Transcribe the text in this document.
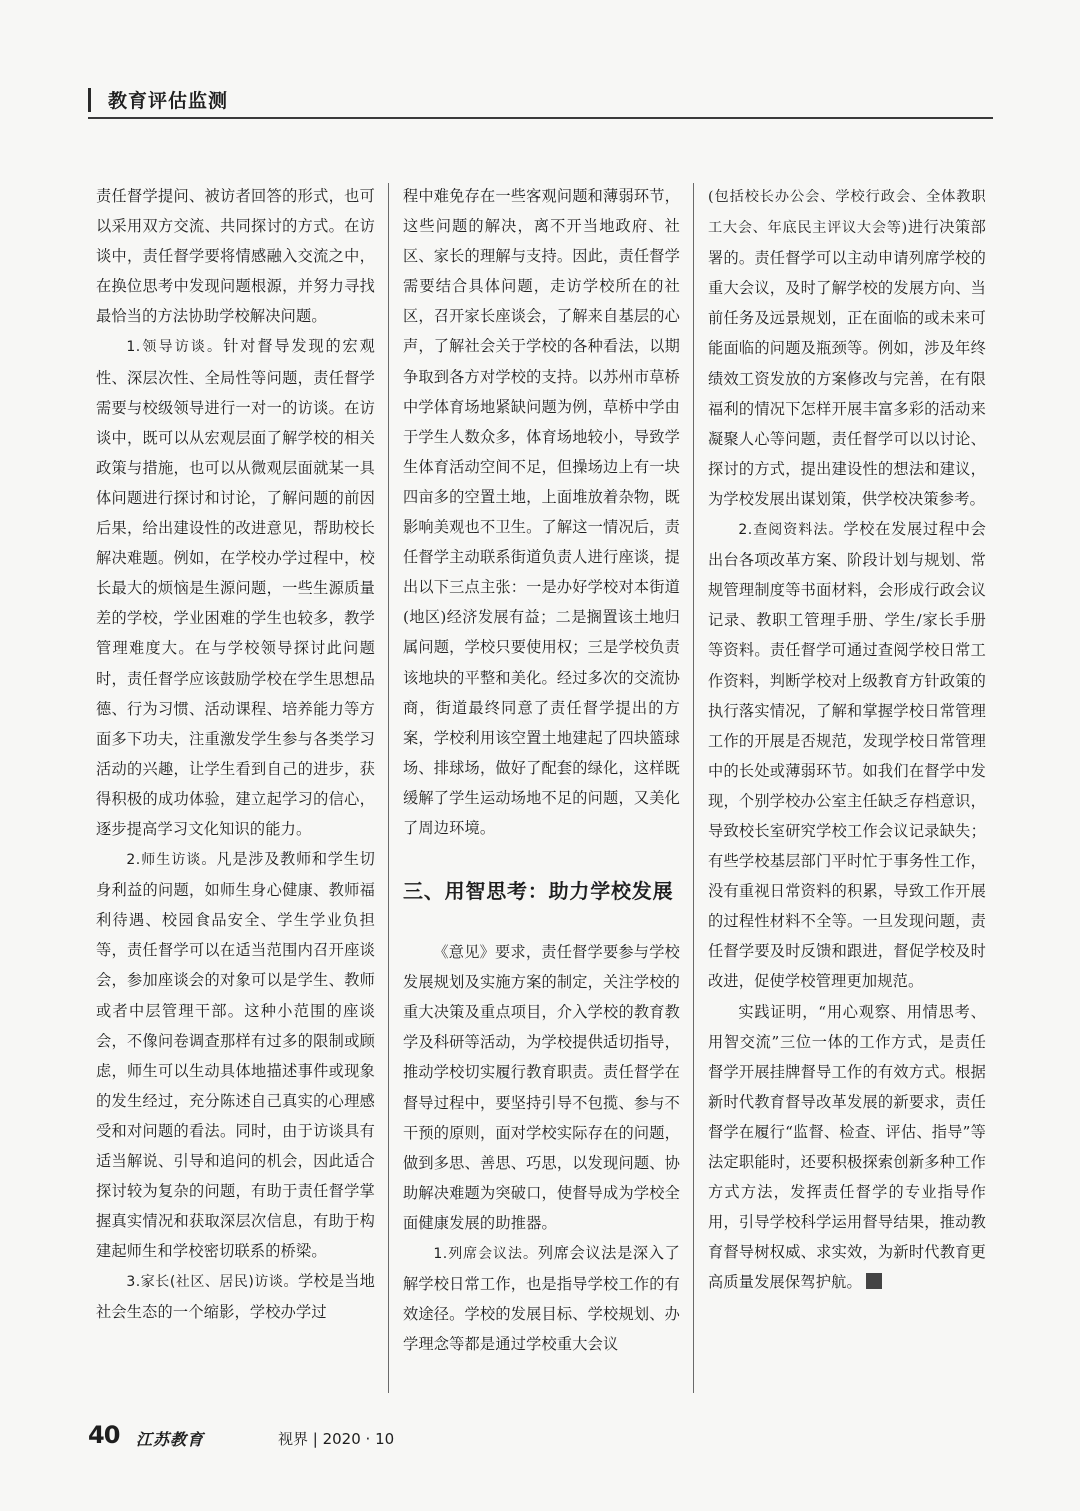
教育评估监测

责任督学提问、被访者回答的形式，也可以采用双方交流、共同探讨的方式。在访谈中，责任督学要将情感融入交流之中，在换位思考中发现问题根源，并努力寻找最恰当的方法协助学校解决问题。

1.领导访谈。针对督导发现的宏观性、深层次性、全局性等问题，责任督学需要与校级领导进行一对一的访谈。在访谈中，既可以从宏观层面了解学校的相关政策与措施，也可以从微观层面就某一具体问题进行探讨和讨论，了解问题的前因后果，给出建设性的改进意见，帮助校长解决难题。例如，在学校办学过程中，校长最大的烦恼是生源问题，一些生源质量差的学校，学业困难的学生也较多，教学管理难度大。在与学校领导探讨此问题时，责任督学应该鼓励学校在学生思想品德、行为习惯、活动课程、培养能力等方面多下功夫，注重激发学生参与各类学习活动的兴趣，让学生看到自己的进步，获得积极的成功体验，建立起学习的信心，逐步提高学习文化知识的能力。

2.师生访谈。凡是涉及教师和学生切身利益的问题，如师生身心健康、教师福利待遇、校园食品安全、学生学业负担等，责任督学可以在适当范围内召开座谈会，参加座谈会的对象可以是学生、教师或者中层管理干部。这种小范围的座谈会，不像问卷调查那样有过多的限制或顾虑，师生可以生动具体地描述事件或现象的发生经过，充分陈述自己真实的心理感受和对问题的看法。同时，由于访谈具有适当解说、引导和追问的机会，因此适合探讨较为复杂的问题，有助于责任督学掌握真实情况和获取深层次信息，有助于构建起师生和学校密切联系的桥梁。

3.家长(社区、居民)访谈。学校是当地社会生态的一个缩影，学校办学过

程中难免存在一些客观问题和薄弱环节，这些问题的解决，离不开当地政府、社区、家长的理解与支持。因此，责任督学需要结合具体问题，走访学校所在的社区，召开家长座谈会，了解来自基层的心声，了解社会关于学校的各种看法，以期争取到各方对学校的支持。以苏州市草桥中学体育场地紧缺问题为例，草桥中学由于学生人数众多，体育场地较小，导致学生体育活动空间不足，但操场边上有一块四亩多的空置土地，上面堆放着杂物，既影响美观也不卫生。了解这一情况后，责任督学主动联系街道负责人进行座谈，提出以下三点主张：一是办好学校对本街道(地区)经济发展有益；二是搁置该土地归属问题，学校只要使用权；三是学校负责该地块的平整和美化。经过多次的交流协商，街道最终同意了责任督学提出的方案，学校利用该空置土地建起了四块篮球场、排球场，做好了配套的绿化，这样既缓解了学生运动场地不足的问题，又美化了周边环境。

三、用智思考：助力学校发展

《意见》要求，责任督学要参与学校发展规划及实施方案的制定，关注学校的重大决策及重点项目，介入学校的教育教学及科研等活动，为学校提供适切指导，推动学校切实履行教育职责。责任督学在督导过程中，要坚持引导不包揽、参与不干预的原则，面对学校实际存在的问题，做到多思、善思、巧思，以发现问题、协助解决难题为突破口，使督导成为学校全面健康发展的助推器。

1.列席会议法。列席会议法是深入了解学校日常工作，也是指导学校工作的有效途径。学校的发展目标、学校规划、办学理念等都是通过学校重大会议

(包括校长办公会、学校行政会、全体教职工大会、年底民主评议大会等)进行决策部署的。责任督学可以主动申请列席学校的重大会议，及时了解学校的发展方向、当前任务及远景规划，正在面临的或未来可能面临的问题及瓶颈等。例如，涉及年终绩效工资发放的方案修改与完善，在有限福利的情况下怎样开展丰富多彩的活动来凝聚人心等问题，责任督学可以以讨论、探讨的方式，提出建设性的想法和建议，为学校发展出谋划策，供学校决策参考。

2.查阅资料法。学校在发展过程中会出台各项改革方案、阶段计划与规划、常规管理制度等书面材料，会形成行政会议记录、教职工管理手册、学生/家长手册等资料。责任督学可通过查阅学校日常工作资料，判断学校对上级教育方针政策的执行落实情况，了解和掌握学校日常管理工作的开展是否规范，发现学校日常管理中的长处或薄弱环节。如我们在督学中发现，个别学校办公室主任缺乏存档意识，导致校长室研究学校工作会议记录缺失；有些学校基层部门平时忙于事务性工作，没有重视日常资料的积累，导致工作开展的过程性材料不全等。一旦发现问题，责任督学要及时反馈和跟进，督促学校及时改进，促使学校管理更加规范。

实践证明，“用心观察、用情思考、用智交流”三位一体的工作方式，是责任督学开展挂牌督导工作的有效方式。根据新时代教育督导改革发展的新要求，责任督学在履行“监督、检查、评估、指导”等法定职能时，还要积极探索创新多种工作方式方法，发挥责任督学的专业指导作用，引导学校科学运用督导结果，推动教育督导树权威、求实效，为新时代教育更高质量发展保驾护航。

40 江苏教育	视界 | 2020 · 10
